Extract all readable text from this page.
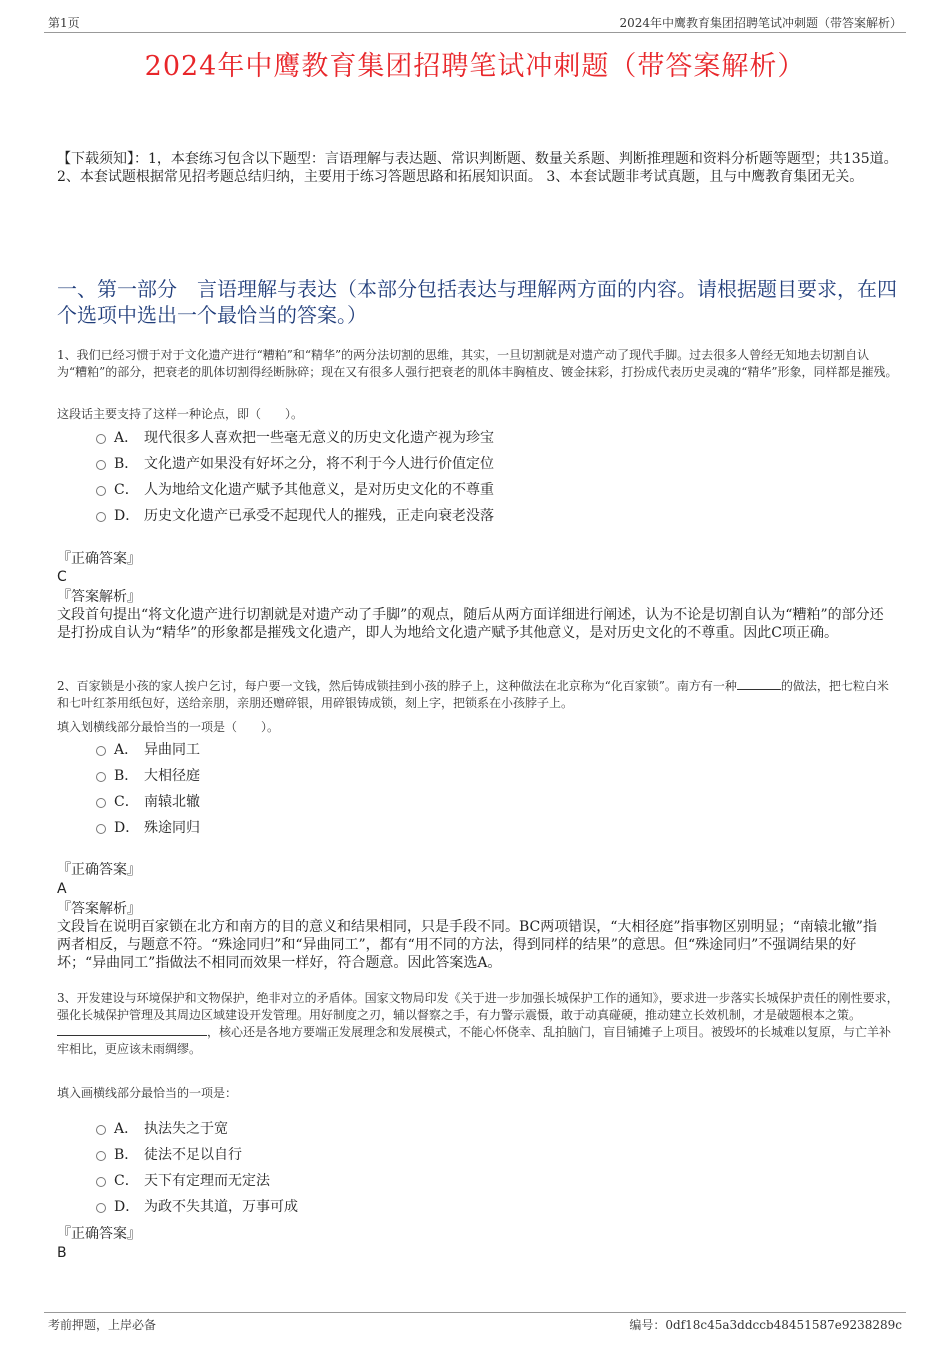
第1页	2024年中鹰教育集团招聘笔试冲刺题（带答案解析）
2024年中鹰教育集团招聘笔试冲刺题（带答案解析）
【下载须知】：1，本套练习包含以下题型：言语理解与表达题、常识判断题、数量关系题、判断推理题和资料分析题等题型；共135道。 2、本套试题根据常见招考题总结归纳，主要用于练习答题思路和拓展知识面。 3、本套试题非考试真题，且与中鹰教育集团无关。
一、第一部分　言语理解与表达（本部分包括表达与理解两方面的内容。请根据题目要求，在四个选项中选出一个最恰当的答案。）
1、我们已经习惯于对于文化遗产进行“糟粕”和“精华”的两分法切割的思维，其实，一旦切割就是对遗产动了现代手脚。过去很多人曾经无知地去切割自认为“糟粕”的部分，把衰老的肌体切割得经断脉碎；现在又有很多人强行把衰老的肌体丰胸植皮、镀金抹彩，打扮成代表历史灵魂的“精华”形象，同样都是摧残。
这段话主要支持了这样一种论点，即（　　）。
A． 现代很多人喜欢把一些毫无意义的历史文化遗产视为珍宝
B． 文化遗产如果没有好坏之分，将不利于今人进行价值定位
C． 人为地给文化遗产赋予其他意义，是对历史文化的不尊重
D． 历史文化遗产已承受不起现代人的摧残，正走向衰老没落
『正确答案』
C
『答案解析』
文段首句提出“将文化遗产进行切割就是对遗产动了手脚”的观点，随后从两方面详细进行阐述，认为不论是切割自认为“糟粕”的部分还是打扮成自认为“精华”的形象都是摧残文化遗产，即人为地给文化遗产赋予其他意义，是对历史文化的不尊重。因此C项正确。
2、百家锁是小孩的家人挨户乞讨，每户要一文钱，然后铸成锁挂到小孩的脖子上，这种做法在北京称为“化百家锁”。南方有一种	的做法，把七粒白米和七叶红茶用纸包好，送给亲朋，亲朋还赠碎银，用碎银铸成锁，刻上字，把锁系在小孩脖子上。
填入划横线部分最恰当的一项是（　　）。
A． 异曲同工
B． 大相径庭
C． 南辕北辙
D． 殊途同归
『正确答案』
A
『答案解析』
文段旨在说明百家锁在北方和南方的目的意义和结果相同，只是手段不同。BC两项错误，“大相径庭”指事物区别明显；“南辕北辙”指两者相反，与题意不符。“殊途同归”和“异曲同工”，都有“用不同的方法，得到同样的结果”的意思。但“殊途同归”不强调结果的好坏；“异曲同工”指做法不相同而效果一样好，符合题意。因此答案选A。
3、开发建设与环境保护和文物保护，绝非对立的矛盾体。国家文物局印发《关于进一步加强长城保护工作的通知》，要求进一步落实长城保护责任的刚性要求，强化长城保护管理及其周边区域建设开发管理。用好制度之刃，辅以督察之手，有力警示震慑，敢于动真碰硬，推动建立长效机制，才是破题根本之策。，核心还是各地方要端正发展理念和发展模式，不能心怀侥幸、乱拍脑门，盲目铺摊子上项目。被毁坏的长城难以复原，与亡羊补牢相比，更应该未雨绸缪。
填入画横线部分最恰当的一项是：
A． 执法失之于宽
B． 徒法不足以自行
C． 天下有定理而无定法
D． 为政不失其道，万事可成
『正确答案』
B
考前押题，上岸必备	编号：0df18c45a3ddccb48451587e9238289c
